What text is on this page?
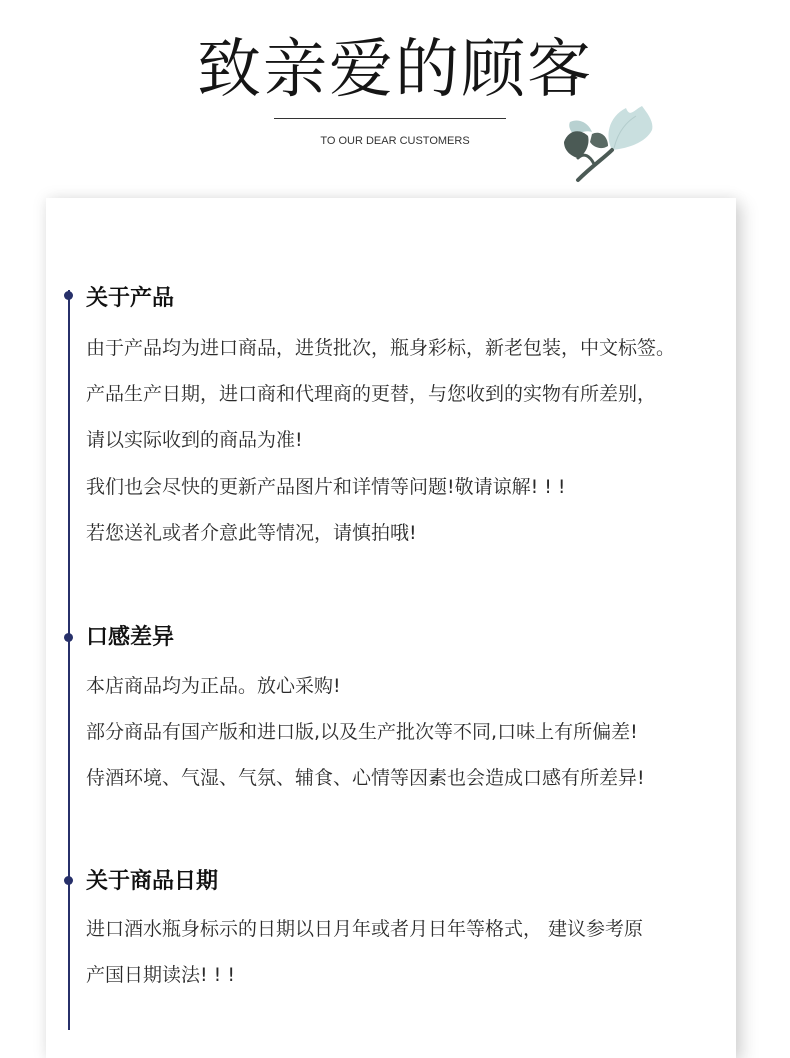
致亲爱的顾客
TO OUR DEAR CUSTOMERS
关于产品
由于产品均为进口商品，进货批次，瓶身彩标，新老包装，中文标签。
产品生产日期，进口商和代理商的更替，与您收到的实物有所差别，
请以实际收到的商品为准!
我们也会尽快的更新产品图片和详情等问题!敬请谅解! ! !
若您送礼或者介意此等情况，请慎拍哦!
口感差异
本店商品均为正品。放心采购!
部分商品有国产版和进口版,以及生产批次等不同,口味上有所偏差!
侍酒环境、气湿、气氛、辅食、心情等因素也会造成口感有所差异!
关于商品日期
进口酒水瓶身标示的日期以日月年或者月日年等格式， 建议参考原
产国日期读法! ! !
